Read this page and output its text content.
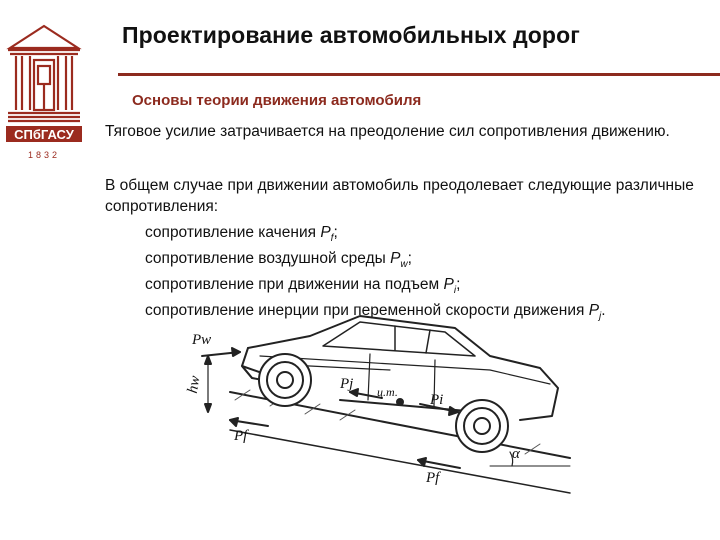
СПбГАСУ
1832
Проектирование автомобильных дорог
Основы теории движения автомобиля
Тяговое усилие затрачивается на преодоление сил сопротивления движению.
В общем случае при движении автомобиль преодолевает следующие различные сопротивления:
сопротивление качения $P_f$;
сопротивление воздушной среды $P_w$;
сопротивление при движении на подъем $P_i$;
сопротивление инерции при переменной скорости движения $P_j$.
Pw
hw
Pf
Pj ц.т. Pi
Pf
α
